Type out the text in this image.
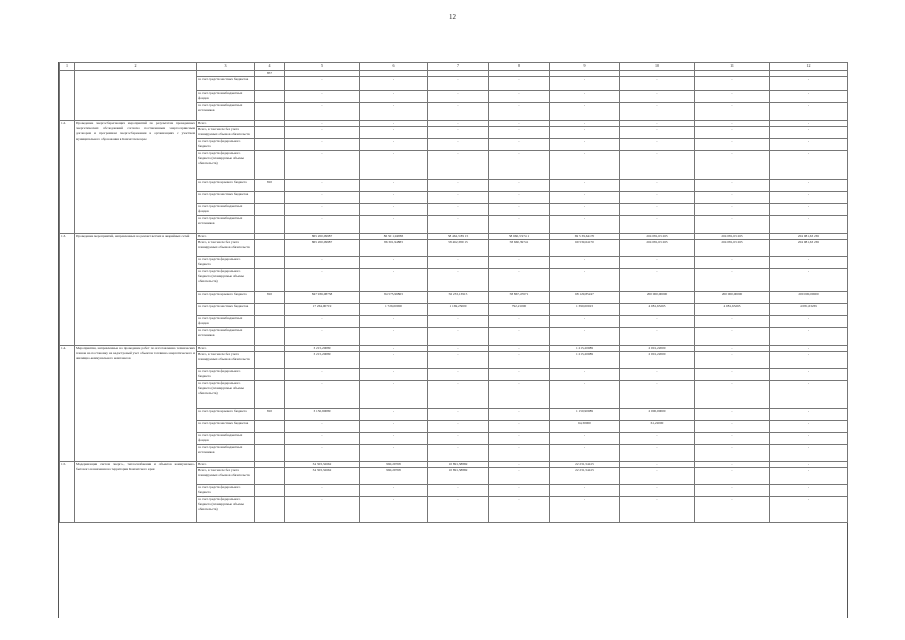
12
1	2	3	4	5	6	7	8	9	10	11	12
			857								
		за счет средств местных бюджетов		-	-	-	-	-	-	-	-
		за счет средств внебюджетных фондов		-	-	-	-	-	-	-	-
		за счет средств внебюджетных источников		-	-	-	-	-	-	-	-
1.2.	Проведение энергосберегающих мероприятий по результатам проведенных энергетических обследований согласно поставленным энергосервисным договорам и программам энергосбережения в организациях с участием муниципального образования в Камчатском крае	Всего		-	-	-	-	-	-	-	-
		Всего, в том числе без учета планируемых объемов обязательств		-	-	-	-	-	-	-	-
		за счет средств федерального бюджета		-	-	-	-	-	-	-	-
		за счет средств федерального бюджета (планируемые объемы обязательств)		-	-	-	-	-	-	-	-
		за счет средств краевого бюджета	810	-	-	-	-	-	-	-	-
		за счет средств местных бюджетов		-	-	-	-	-	-	-	-
		за счет средств внебюджетных фондов		-	-	-	-	-	-	-	-
		за счет средств внебюджетных источников		-	-	-	-	-	-	-	-
1.3.	Проведение мероприятий, направленных на ремонт ветхих и аварийных сетей	Всего		865 200,09987	86 50 1,94883	58 462,3 89 15	58 660,3 974 1	69 5 39,64170	204 081,63 265	204 081,63 265	204 081,63 265
		Всего, в том числе без учета планируемых объемов обязательств		865 200,09987	86 301,94883	58 462,389 15	58 660,39741	69 539,64170	204 081,63 265	204 081,63 265	204 081,63 265
		за счет средств федерального бюджета		-	-	-	-	-	-	-	-
		за счет средств федерального бюджета (планируемые объемы обязательств)		-	-	-	-	-	-	-	-
		за счет средств краевого бюджета	810	847 936,08738	84 575,99863	56 233,13915	58 867,47671	68 129,85247	200 000,00000	200 000,00000	200 000,00000
		за счет средств местных бюджетов		17 264,00719	1 726,00000	1 169,25000	792,21000	1 390,00023	4 081,63265	4 081,63265	4 081,63265
		за счет средств внебюджетных фондов		-	-	-	-	-	-	-	-
		за счет средств внебюджетных источников		-	-	-	-	-	-	-	-
1.4.	Мероприятия, направленные на проведение работ по изготовлению технических планов на постановку на кадастровый учет объектов топливно-энергетического и жилищно-коммунального комплексов	Всего		3 215,20089	-	-	-	1 215,20089	2 001,22000	-	-
		Всего, в том числе без учета планируемых объемов обязательств		3 215,20089	-	-	-	1 215,20089	2 001,22000	-	-
		за счет средств федерального бюджета		-	-	-	-	-	-	-	-
		за счет средств федерального бюджета (планируемые объемы обязательств)		-	-	-	-	-	-	-	-
		за счет средств краевого бюджета	810	3 150,90089	-	-	-	1 150,90089	2 000,00000	-	-
		за счет средств местных бюджетов		-	-	-	-	64,30000	61,22000	-	-
		за счет средств внебюджетных фондов		-	-	-	-	-	-	-	-
		за счет средств внебюджетных источников		-	-	-	-	-	-	-	-
1.5.	Модернизация систем энерго-, теплоснабжения и объектов коммунально-бытового назначения на территории Камчатского края	Всего		34 303,32662	960,29768	10 891,58869	-	22 231,54415	-	-	-
		Всего, в том числе без учета планируемых объемов обязательств		34 303,32662	960,29768	10 891,58869	-	22 231,54415	-	-	-
		за счет средств федерального бюджета		-	-	-	-	-	-	-	-
		за счет средств федерального бюджета (планируемые объемы обязательств)		-	-	-	-	-	-	-	-
